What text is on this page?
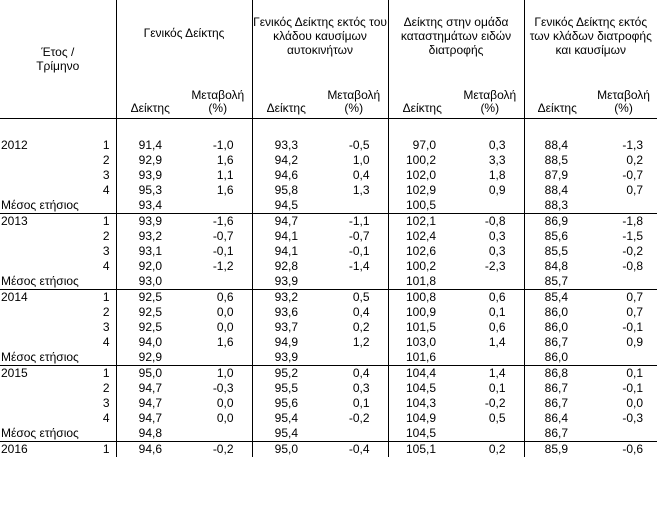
Έτος /
Τρίμηνο		Γενικός Δείκτης		Γενικός Δείκτης εκτός του κλάδου καυσίμων αυτοκινήτων		Δείκτης στην ομάδα καταστημάτων ειδών διατροφής		Γενικός Δείκτης εκτός των κλάδων διατροφής και καυσίμων	
		Δείκτης	Μεταβολή (%)	Δείκτης	Μεταβολή (%)	Δείκτης	Μεταβολή (%)	Δείκτης	Μεταβολή (%)

2012	1	91,4	-1,0	93,3	-0,5	97,0	0,3	88,4	-1,3
	2	92,9	1,6	94,2	1,0	100,2	3,3	88,5	0,2
	3	93,9	1,1	94,6	0,4	102,0	1,8	87,9	-0,7
	4	95,3	1,6	95,8	1,3	102,9	0,9	88,4	0,7
Μέσος ετήσιος		93,4		94,5		100,5		88,3	
2013	1	93,9	-1,6	94,7	-1,1	102,1	-0,8	86,9	-1,8
	2	93,2	-0,7	94,1	-0,7	102,4	0,3	85,6	-1,5
	3	93,1	-0,1	94,1	-0,1	102,6	0,3	85,5	-0,2
	4	92,0	-1,2	92,8	-1,4	100,2	-2,3	84,8	-0,8
Μέσος ετήσιος		93,0		93,9		101,8		85,7	
2014	1	92,5	0,6	93,2	0,5	100,8	0,6	85,4	0,7
	2	92,5	0,0	93,6	0,4	100,9	0,1	86,0	0,7
	3	92,5	0,0	93,7	0,2	101,5	0,6	86,0	-0,1
	4	94,0	1,6	94,9	1,2	103,0	1,4	86,7	0,9
Μέσος ετήσιος		92,9		93,9		101,6		86,0	
2015	1	95,0	1,0	95,2	0,4	104,4	1,4	86,8	0,1
	2	94,7	-0,3	95,5	0,3	104,5	0,1	86,7	-0,1
	3	94,7	0,0	95,6	0,1	104,3	-0,2	86,7	0,0
	4	94,7	0,0	95,4	-0,2	104,9	0,5	86,4	-0,3
Μέσος ετήσιος		94,8		95,4		104,5		86,7	
2016	1	94,6	-0,2	95,0	-0,4	105,1	0,2	85,9	-0,6
